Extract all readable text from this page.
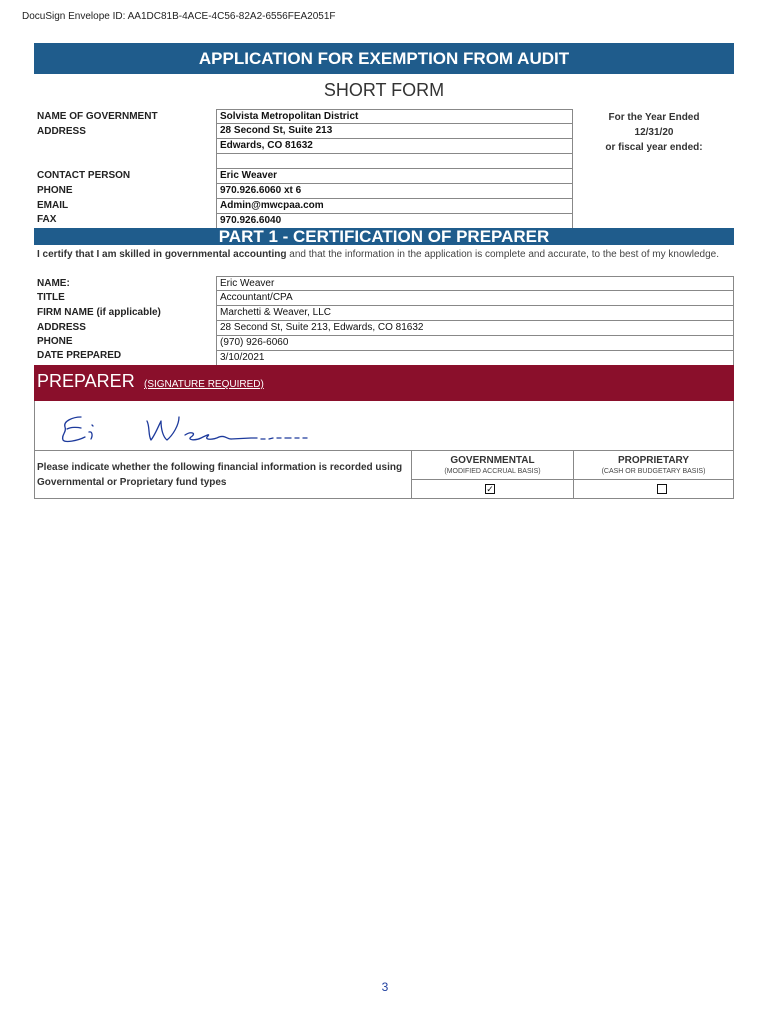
DocuSign Envelope ID: AA1DC81B-4ACE-4C56-82A2-6556FEA2051F
APPLICATION FOR EXEMPTION FROM AUDIT
SHORT FORM
NAME OF GOVERNMENT
ADDRESS
CONTACT PERSON
PHONE
EMAIL
FAX
Solvista Metropolitan District
28 Second St, Suite 213
Edwards, CO 81632
Eric Weaver
970.926.6060 xt 6
Admin@mwcpaa.com
970.926.6040
For the Year Ended
12/31/20
or fiscal year ended:
PART 1 - CERTIFICATION OF PREPARER
I certify that I am skilled in governmental accounting and that the information in the application is complete and accurate, to the best of my knowledge.
NAME:
TITLE
FIRM NAME (if applicable)
ADDRESS
PHONE
DATE PREPARED
Eric Weaver
Accountant/CPA
Marchetti & Weaver, LLC
28 Second St, Suite 213, Edwards, CO 81632
(970) 926-6060
3/10/2021
PREPARER (SIGNATURE REQUIRED)
Please indicate whether the following financial information is recorded using Governmental or Proprietary fund types
GOVERNMENTAL
(MODIFIED ACCRUAL BASIS)
PROPRIETARY
(CASH OR BUDGETARY BASIS)
✓
3
